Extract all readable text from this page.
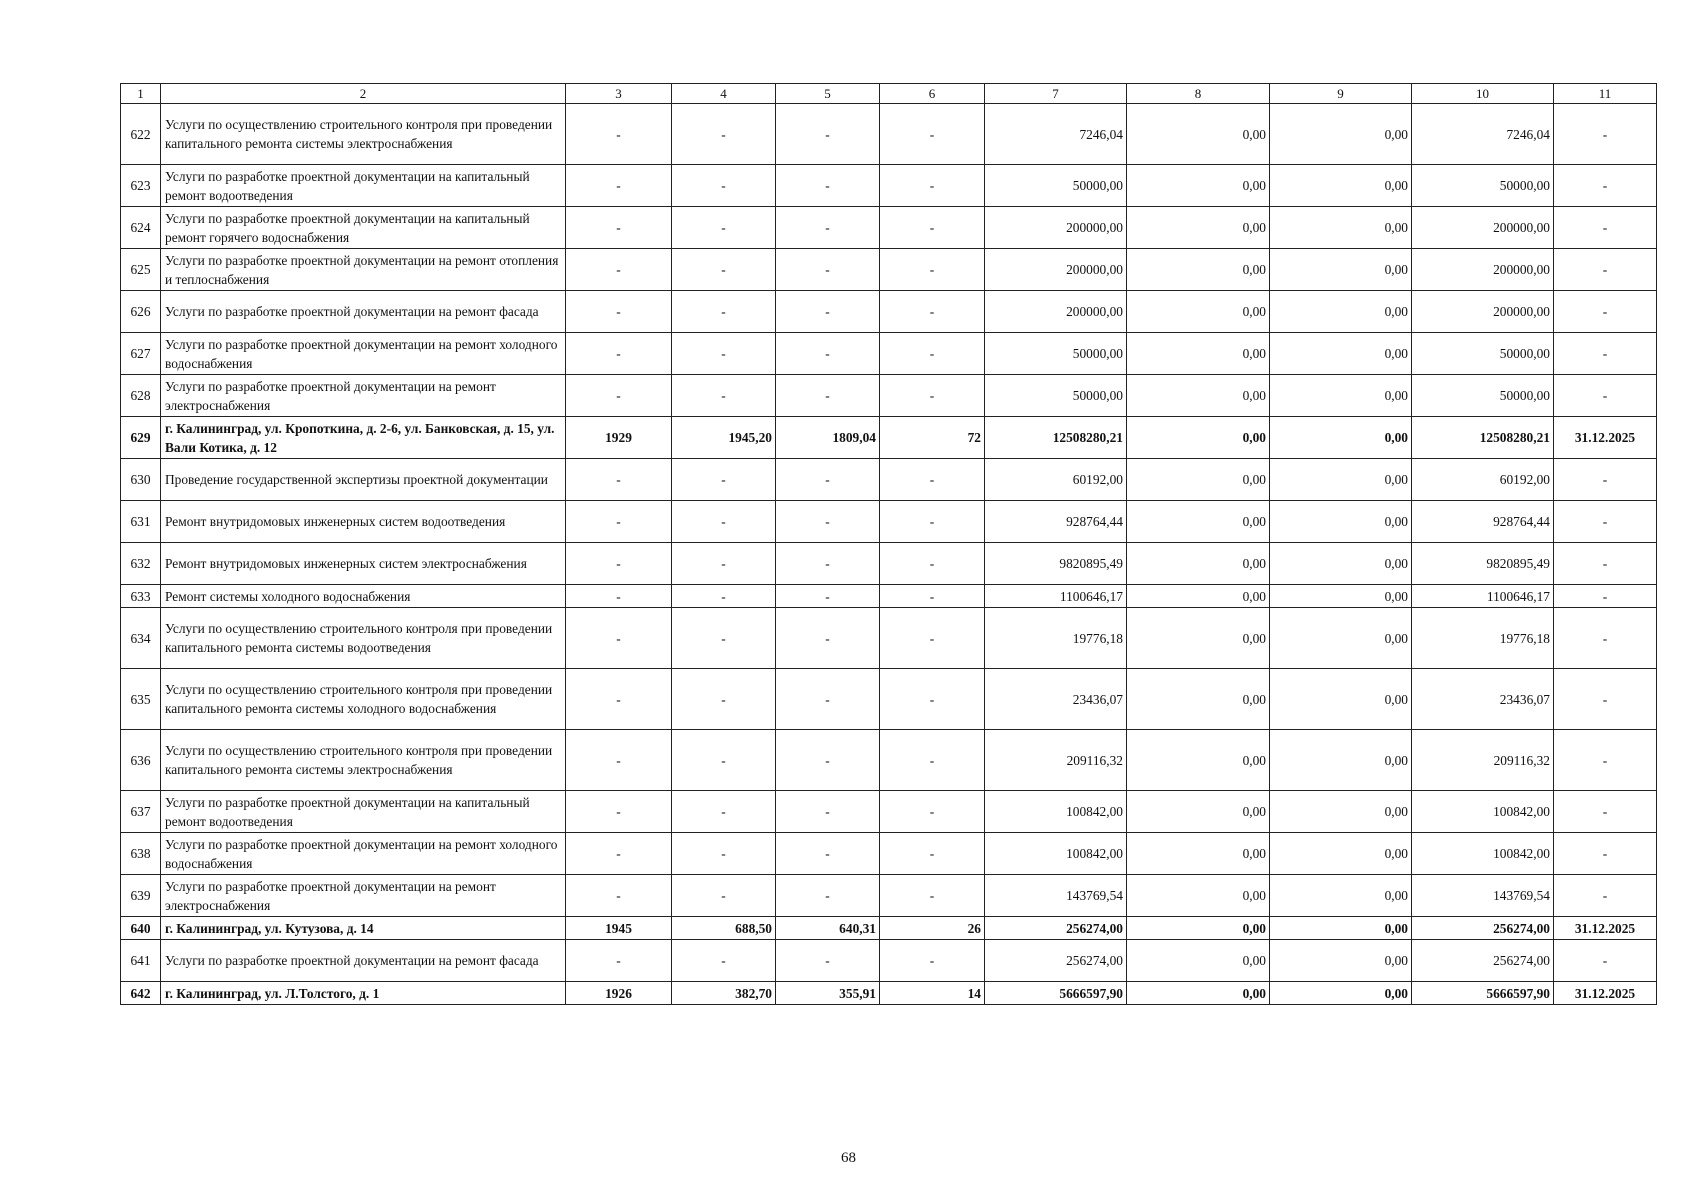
1	2	3	4	5	6	7	8	9	10	11
622	Услуги по осуществлению строительного контроля при проведении капитального ремонта системы электроснабжения	-	-	-	-	7246,04	0,00	0,00	7246,04	-
623	Услуги по разработке проектной документации на капитальный ремонт водоотведения	-	-	-	-	50000,00	0,00	0,00	50000,00	-
624	Услуги по разработке проектной документации на капитальный ремонт горячего водоснабжения	-	-	-	-	200000,00	0,00	0,00	200000,00	-
625	Услуги по разработке проектной документации на ремонт отопления и теплоснабжения	-	-	-	-	200000,00	0,00	0,00	200000,00	-
626	Услуги по разработке проектной документации на ремонт фасада	-	-	-	-	200000,00	0,00	0,00	200000,00	-
627	Услуги по разработке проектной документации на ремонт холодного водоснабжения	-	-	-	-	50000,00	0,00	0,00	50000,00	-
628	Услуги по разработке проектной документации на ремонт электроснабжения	-	-	-	-	50000,00	0,00	0,00	50000,00	-
629	г. Калининград, ул. Кропоткина, д. 2-6, ул. Банковская, д. 15, ул. Вали Котика, д. 12	1929	1945,20	1809,04	72	12508280,21	0,00	0,00	12508280,21	31.12.2025
630	Проведение государственной экспертизы проектной документации	-	-	-	-	60192,00	0,00	0,00	60192,00	-
631	Ремонт внутридомовых инженерных систем водоотведения	-	-	-	-	928764,44	0,00	0,00	928764,44	-
632	Ремонт внутридомовых инженерных систем электроснабжения	-	-	-	-	9820895,49	0,00	0,00	9820895,49	-
633	Ремонт системы холодного водоснабжения	-	-	-	-	1100646,17	0,00	0,00	1100646,17	-
634	Услуги по осуществлению строительного контроля при проведении капитального ремонта системы водоотведения	-	-	-	-	19776,18	0,00	0,00	19776,18	-
635	Услуги по осуществлению строительного контроля при проведении капитального ремонта системы холодного водоснабжения	-	-	-	-	23436,07	0,00	0,00	23436,07	-
636	Услуги по осуществлению строительного контроля при проведении капитального ремонта системы электроснабжения	-	-	-	-	209116,32	0,00	0,00	209116,32	-
637	Услуги по разработке проектной документации на капитальный ремонт водоотведения	-	-	-	-	100842,00	0,00	0,00	100842,00	-
638	Услуги по разработке проектной документации на ремонт холодного водоснабжения	-	-	-	-	100842,00	0,00	0,00	100842,00	-
639	Услуги по разработке проектной документации на ремонт электроснабжения	-	-	-	-	143769,54	0,00	0,00	143769,54	-
640	г. Калининград, ул. Кутузова, д. 14	1945	688,50	640,31	26	256274,00	0,00	0,00	256274,00	31.12.2025
641	Услуги по разработке проектной документации на ремонт фасада	-	-	-	-	256274,00	0,00	0,00	256274,00	-
642	г. Калининград, ул. Л.Толстого, д. 1	1926	382,70	355,91	14	5666597,90	0,00	0,00	5666597,90	31.12.2025
68
